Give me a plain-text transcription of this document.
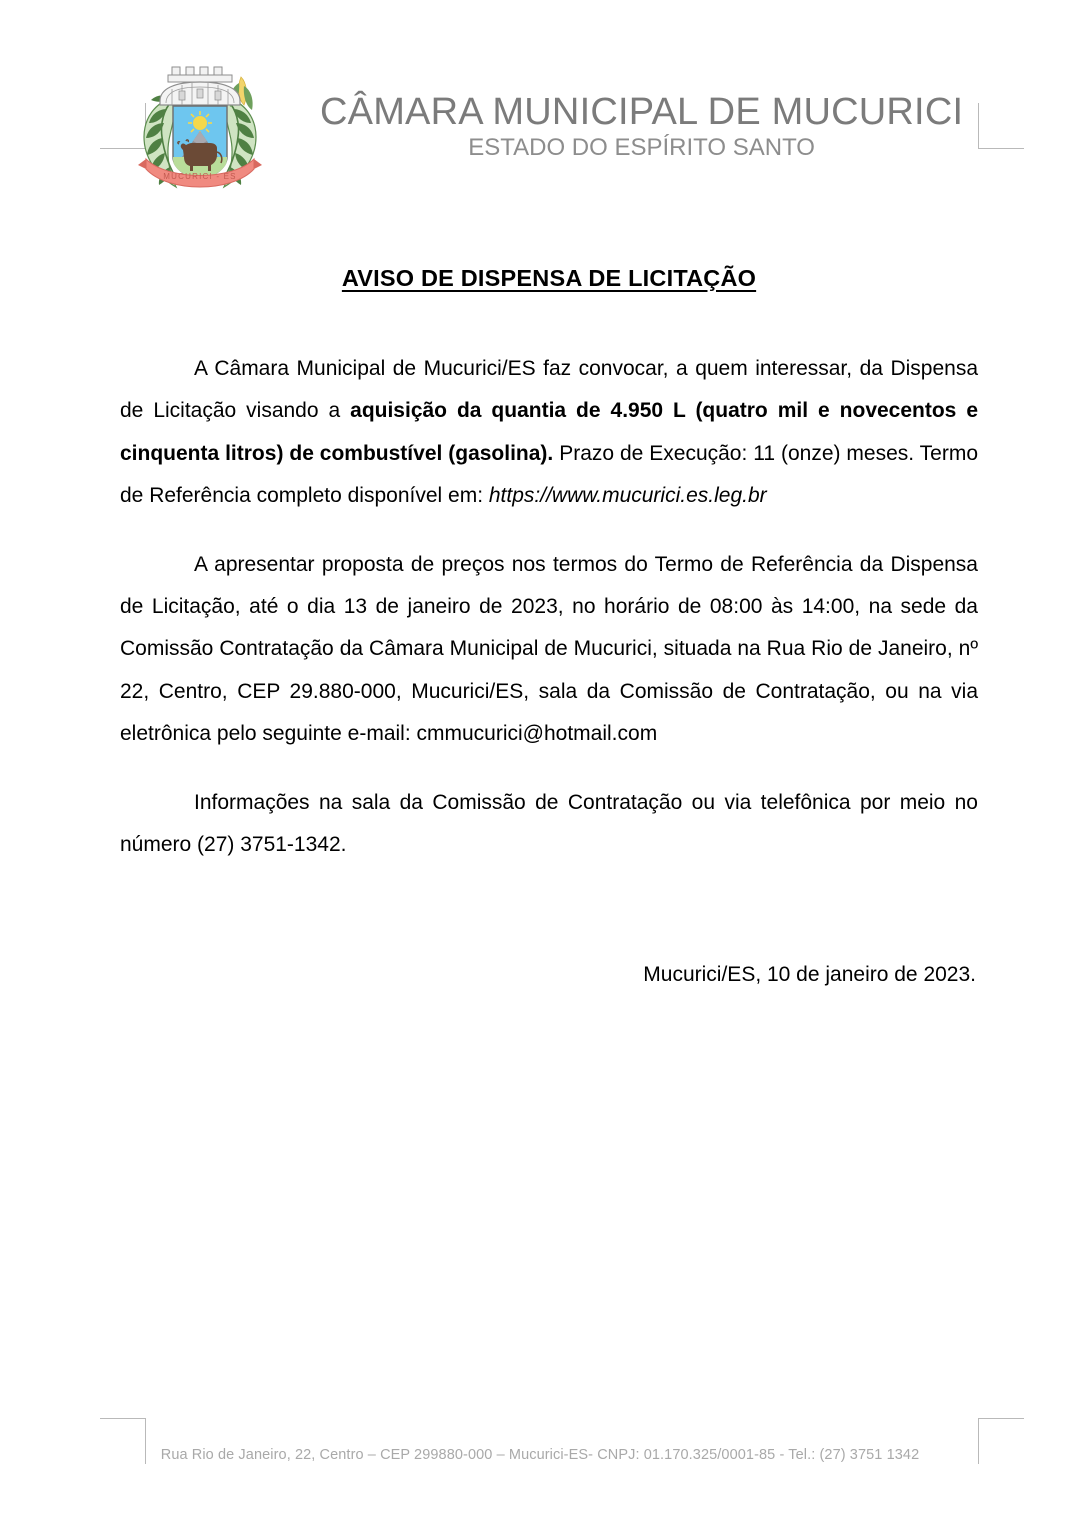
MUCURICI - ES
CÂMARA MUNICIPAL DE MUCURICI
ESTADO DO ESPÍRITO SANTO
AVISO DE DISPENSA DE LICITAÇÃO

A Câmara Municipal de Mucurici/ES faz convocar, a quem interessar, da Dispensa de Licitação visando a aquisição da quantia de 4.950 L (quatro mil e novecentos e cinquenta litros) de combustível (gasolina). Prazo de Execução: 11 (onze) meses. Termo de Referência completo disponível em: https://www.mucurici.es.leg.br

A apresentar proposta de preços nos termos do Termo de Referência da Dispensa de Licitação, até o dia 13 de janeiro de 2023, no horário de 08:00 às 14:00, na sede da Comissão Contratação da Câmara Municipal de Mucurici, situada na Rua Rio de Janeiro, nº 22, Centro, CEP 29.880-000, Mucurici/ES, sala da Comissão de Contratação, ou na via eletrônica pelo seguinte e-mail: cmmucurici@hotmail.com

Informações na sala da Comissão de Contratação ou via telefônica por meio no número (27) 3751-1342.

Mucurici/ES, 10 de janeiro de 2023.
Rua Rio de Janeiro, 22, Centro – CEP 299880-000 – Mucurici-ES- CNPJ: 01.170.325/0001-85 - Tel.: (27) 3751 1342
